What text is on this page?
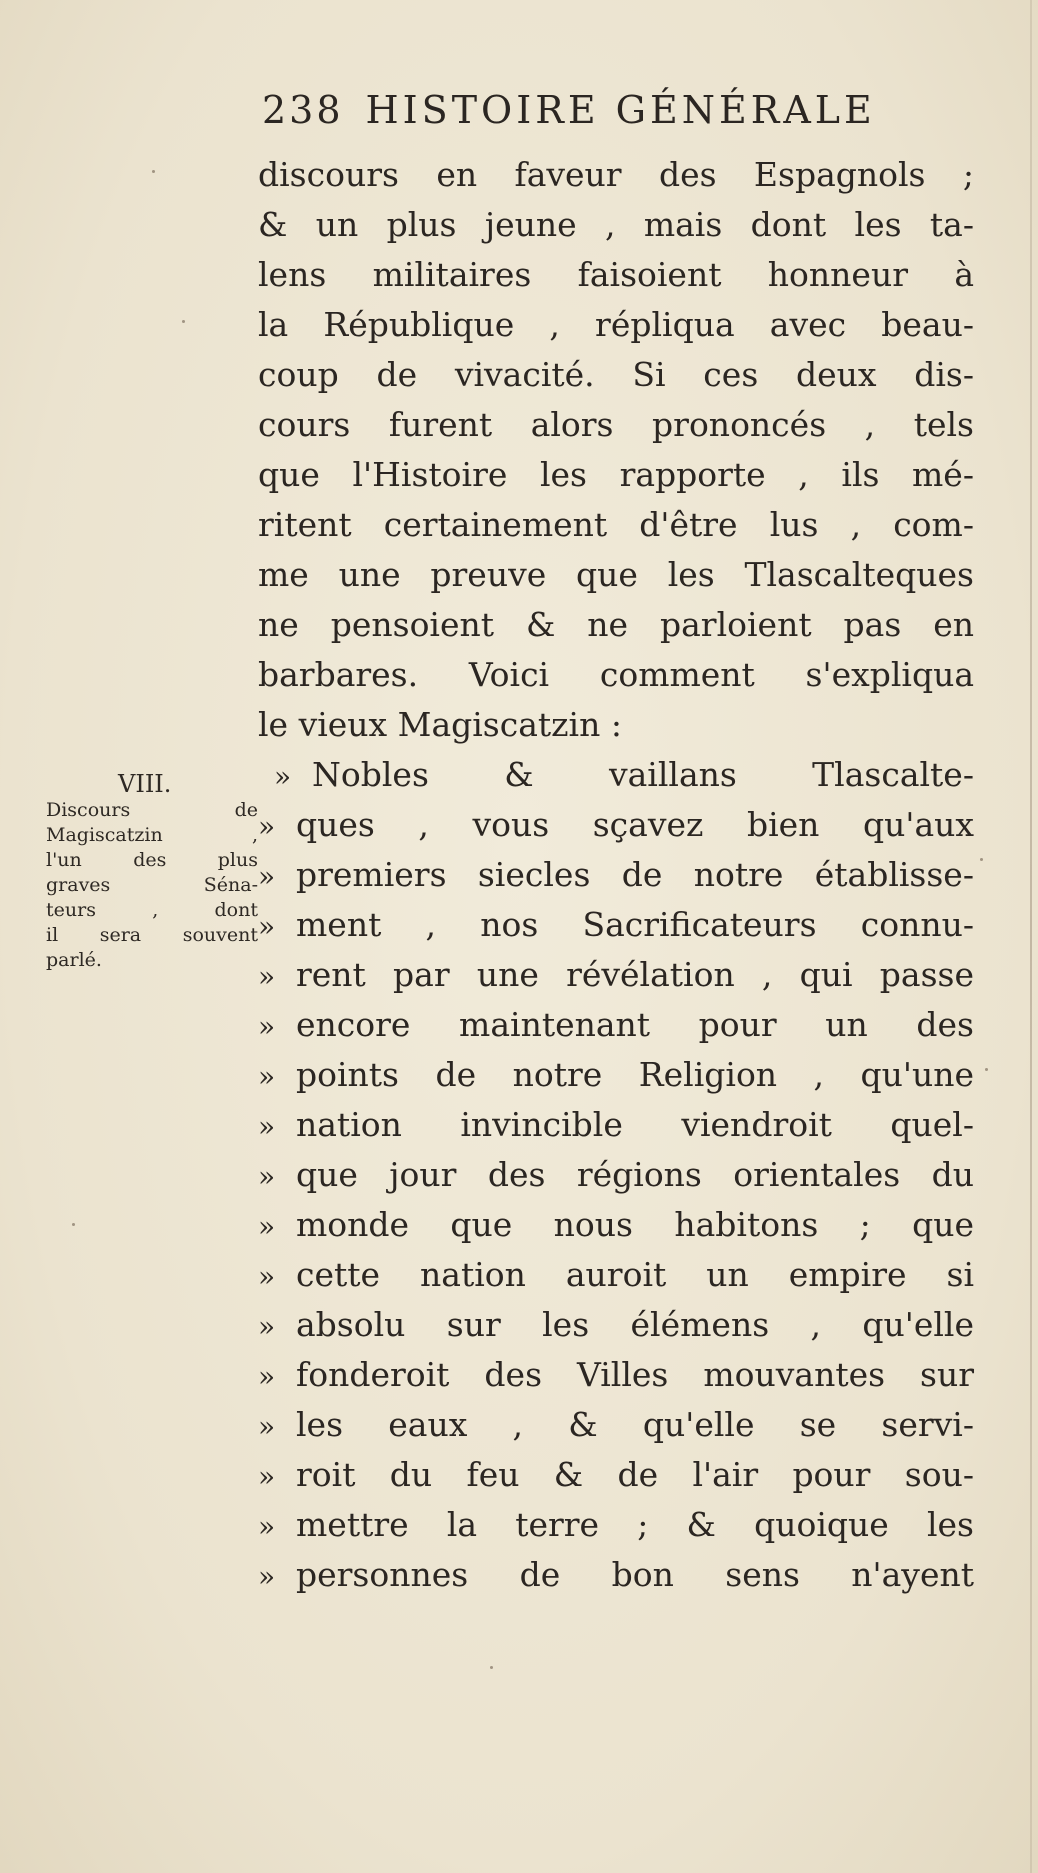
238 HISTOIRE GÉNÉRALE
discours en faveur des Espagnols ;
& un plus jeune , mais dont les ta-
lens militaires faisoient honneur à
la République , répliqua avec beau-
coup de vivacité. Si ces deux dis-
cours furent alors prononcés , tels
que l'Histoire les rapporte , ils mé-
ritent certainement d'être lus , com-
me une preuve que les Tlascalteques
ne pensoient & ne parloient pas en
barbares. Voici comment s'expliqua
le vieux Magiscatzin :
» Nobles & vaillans Tlascalte-
» ques , vous sçavez bien qu'aux
» premiers siecles de notre établisse-
» ment , nos Sacrificateurs connu-
» rent par une révélation , qui passe
» encore maintenant pour un des
» points de notre Religion , qu'une
» nation invincible viendroit quel-
» que jour des régions orientales du
» monde que nous habitons ; que
» cette nation auroit un empire si
» absolu sur les élémens , qu'elle
» fonderoit des Villes mouvantes sur
» les eaux , & qu'elle se servi-
» roit du feu & de l'air pour sou-
» mettre la terre ; & quoique les
» personnes de bon sens n'ayent
VIII.
Discours de
Magiscatzin ,
l'un des plus
graves Séna-
teurs , dont
il sera souvent
parlé.
